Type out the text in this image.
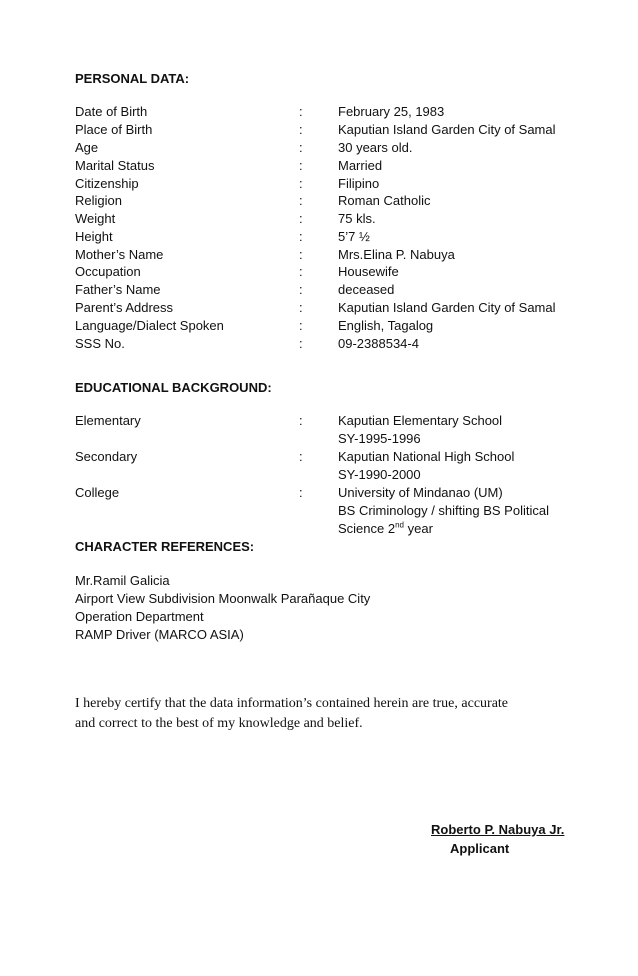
PERSONAL DATA:
Date of Birth	:	February 25, 1983
Place of Birth	:	Kaputian Island Garden City of Samal
Age	:	30 years old.
Marital Status	:	Married
Citizenship	:	Filipino
Religion	:	Roman Catholic
Weight	:	75 kls.
Height	:	5’7 ½
Mother’s Name	:	Mrs.Elina P. Nabuya
Occupation	:	Housewife
Father’s Name	:	deceased
Parent’s Address	:	Kaputian Island Garden City of Samal
Language/Dialect Spoken	:	English, Tagalog
SSS No.	:	09-2388534-4
EDUCATIONAL BACKGROUND:
Elementary	:	Kaputian Elementary School
SY-1995-1996
Secondary	:	Kaputian National High School
SY-1990-2000
College	:	University of Mindanao (UM)
BS Criminology / shifting BS Political
Science 2nd year
CHARACTER REFERENCES:
Mr.Ramil Galicia
Airport View Subdivision Moonwalk Parañaque City
Operation Department
RAMP Driver (MARCO ASIA)
I hereby certify that the data information’s contained herein are true, accurate
and correct to the best of my knowledge and belief.
Roberto P. Nabuya Jr.
Applicant
